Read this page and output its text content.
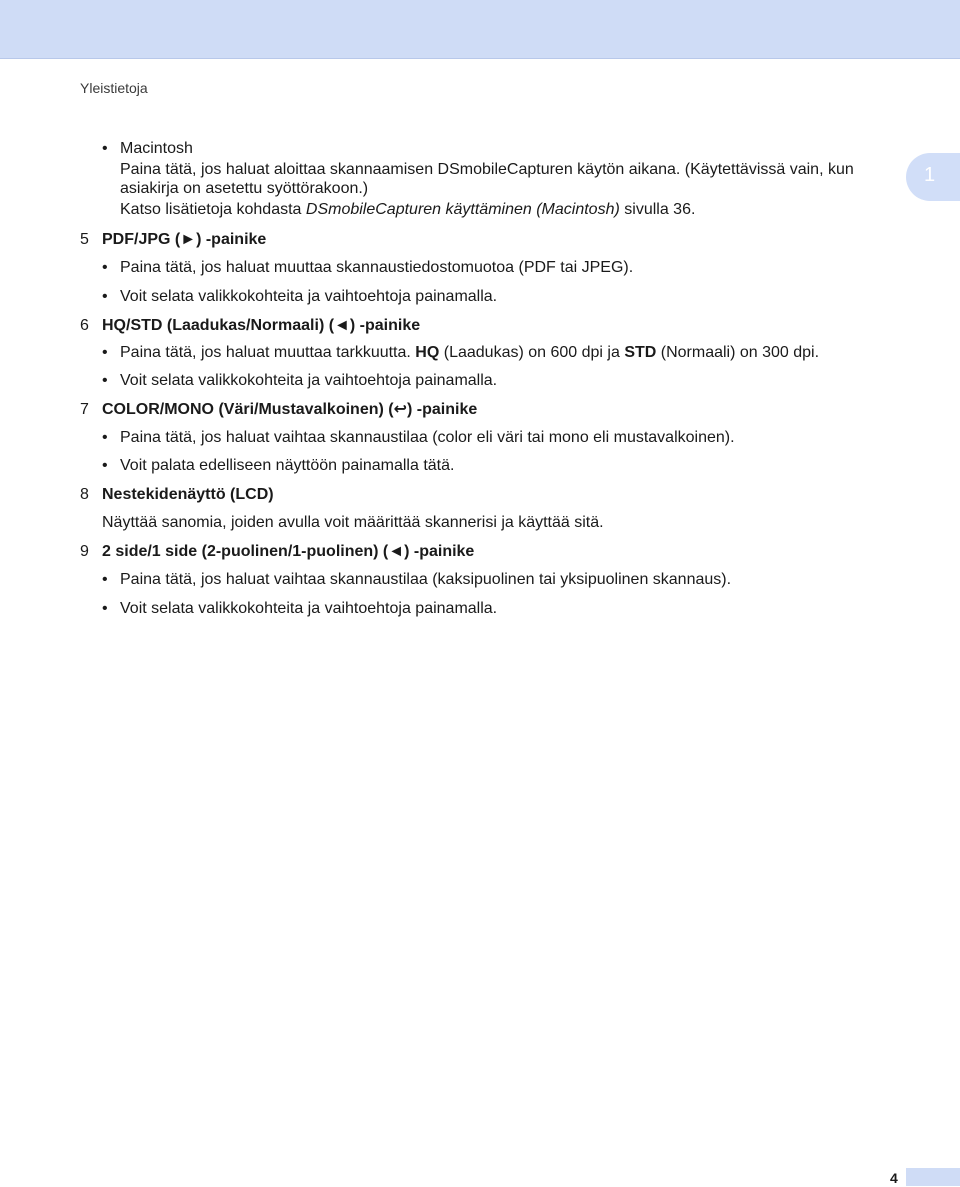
Yleistietoja
1
• Macintosh
Paina tätä, jos haluat aloittaa skannaamisen DSmobileCapturen käytön aikana. (Käytettävissä vain, kun
asiakirja on asetettu syöttörakoon.)
Katso lisätietoja kohdasta DSmobileCapturen käyttäminen (Macintosh) sivulla 36.
5 PDF/JPG (►) -painike
• Paina tätä, jos haluat muuttaa skannaustiedostomuotoa (PDF tai JPEG).
• Voit selata valikkokohteita ja vaihtoehtoja painamalla.
6 HQ/STD (Laadukas/Normaali) (◄) -painike
• Paina tätä, jos haluat muuttaa tarkkuutta. HQ (Laadukas) on 600 dpi ja STD (Normaali) on 300 dpi.
• Voit selata valikkokohteita ja vaihtoehtoja painamalla.
7 COLOR/MONO (Väri/Mustavalkoinen) (↩) -painike
• Paina tätä, jos haluat vaihtaa skannaustilaa (color eli väri tai mono eli mustavalkoinen).
• Voit palata edelliseen näyttöön painamalla tätä.
8 Nestekidenäyttö (LCD)
Näyttää sanomia, joiden avulla voit määrittää skannerisi ja käyttää sitä.
9 2 side/1 side (2-puolinen/1-puolinen) (◄) -painike
• Paina tätä, jos haluat vaihtaa skannaustilaa (kaksipuolinen tai yksipuolinen skannaus).
• Voit selata valikkokohteita ja vaihtoehtoja painamalla.
4
